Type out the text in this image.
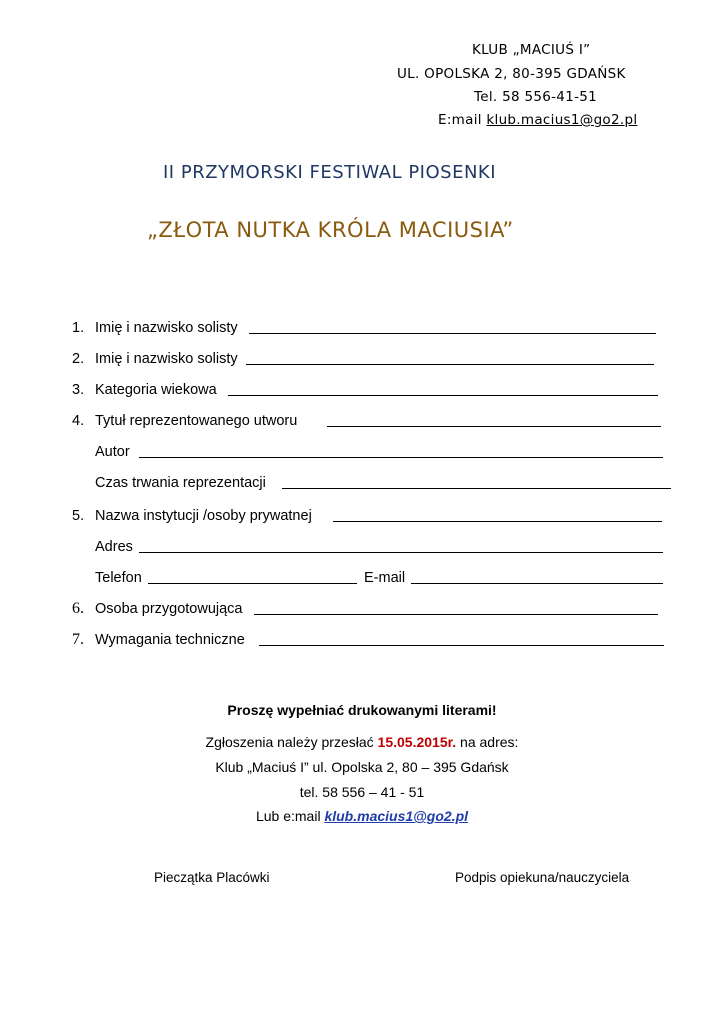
KLUB „MACIUŚ I”
UL. OPOLSKA 2, 80-395 GDAŃSK
Tel. 58 556-41-51
E:mail klub.macius1@go2.pl
II PRZYMORSKI FESTIWAL PIOSENKI
„ZŁOTA NUTKA KRÓLA MACIUSIA”
1. Imię i nazwisko solisty
2. Imię i nazwisko solisty
3. Kategoria wiekowa
4. Tytuł reprezentowanego utworu
Autor
Czas trwania reprezentacji
5. Nazwa instytucji /osoby prywatnej
Adres
Telefon	E-mail
6. Osoba przygotowująca
7. Wymagania techniczne
Proszę wypełniać drukowanymi literami!
Zgłoszenia należy przesłać 15.05.2015r. na adres:
Klub „Maciuś I” ul. Opolska 2, 80 – 395 Gdańsk
tel. 58 556 – 41 - 51
Lub e:mail klub.macius1@go2.pl
Pieczątka Placówki	Podpis opiekuna/nauczyciela
